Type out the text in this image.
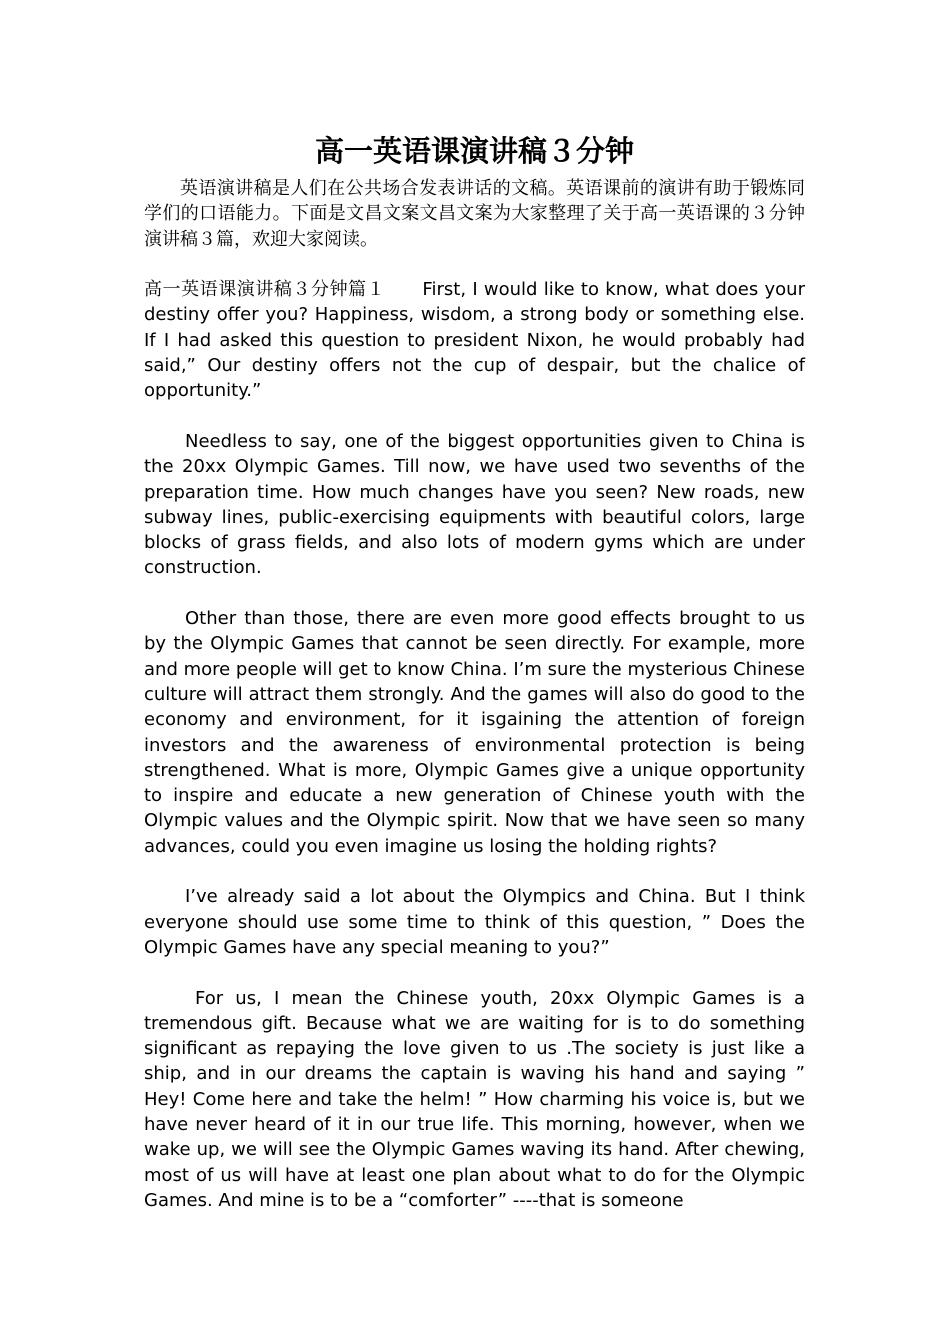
高一英语课演讲稿３分钟

英语演讲稿是人们在公共场合发表讲话的文稿。英语课前的演讲有助于锻炼同学们的口语能力。下面是文昌文案文昌文案为大家整理了关于高一英语课的３分钟演讲稿３篇，欢迎大家阅读。

高一英语课演讲稿３分钟篇１　　First, I would like to know, what does your destiny offer you? Happiness, wisdom, a strong body or something else. If I had asked this question to president Nixon, he would probably had said,” Our destiny offers not the cup of despair, but the chalice of opportunity.”

Needless to say, one of the biggest opportunities given to China is the 20xx Olympic Games. Till now, we have used two sevenths of the preparation time. How much changes have you seen? New roads, new subway lines, public-exercising equipments with beautiful colors, large blocks of grass fields, and also lots of modern gyms which are under construction.

Other than those, there are even more good effects brought to us by the Olympic Games that cannot be seen directly. For example, more and more people will get to know China. I’m sure the mysterious Chinese culture will attract them strongly. And the games will also do good to the economy and environment, for it isgaining the attention of foreign investors and the awareness of environmental protection is being strengthened. What is more, Olympic Games give a unique opportunity to inspire and educate a new generation of Chinese youth with the Olympic values and the Olympic spirit. Now that we have seen so many advances, could you even imagine us losing the holding rights?

I’ve already said a lot about the Olympics and China. But I think everyone should use some time to think of this question, ” Does the Olympic Games have any special meaning to you?”

For us, I mean the Chinese youth, 20xx Olympic Games is a tremendous gift. Because what we are waiting for is to do something significant as repaying the love given to us .The society is just like a ship, and in our dreams the captain is waving his hand and saying ” Hey! Come here and take the helm! ” How charming his voice is, but we have never heard of it in our true life. This morning, however, when we wake up, we will see the Olympic Games waving its hand. After chewing, most of us will have at least one plan about what to do for the Olympic Games. And mine is to be a “comforter” ----that is someone
